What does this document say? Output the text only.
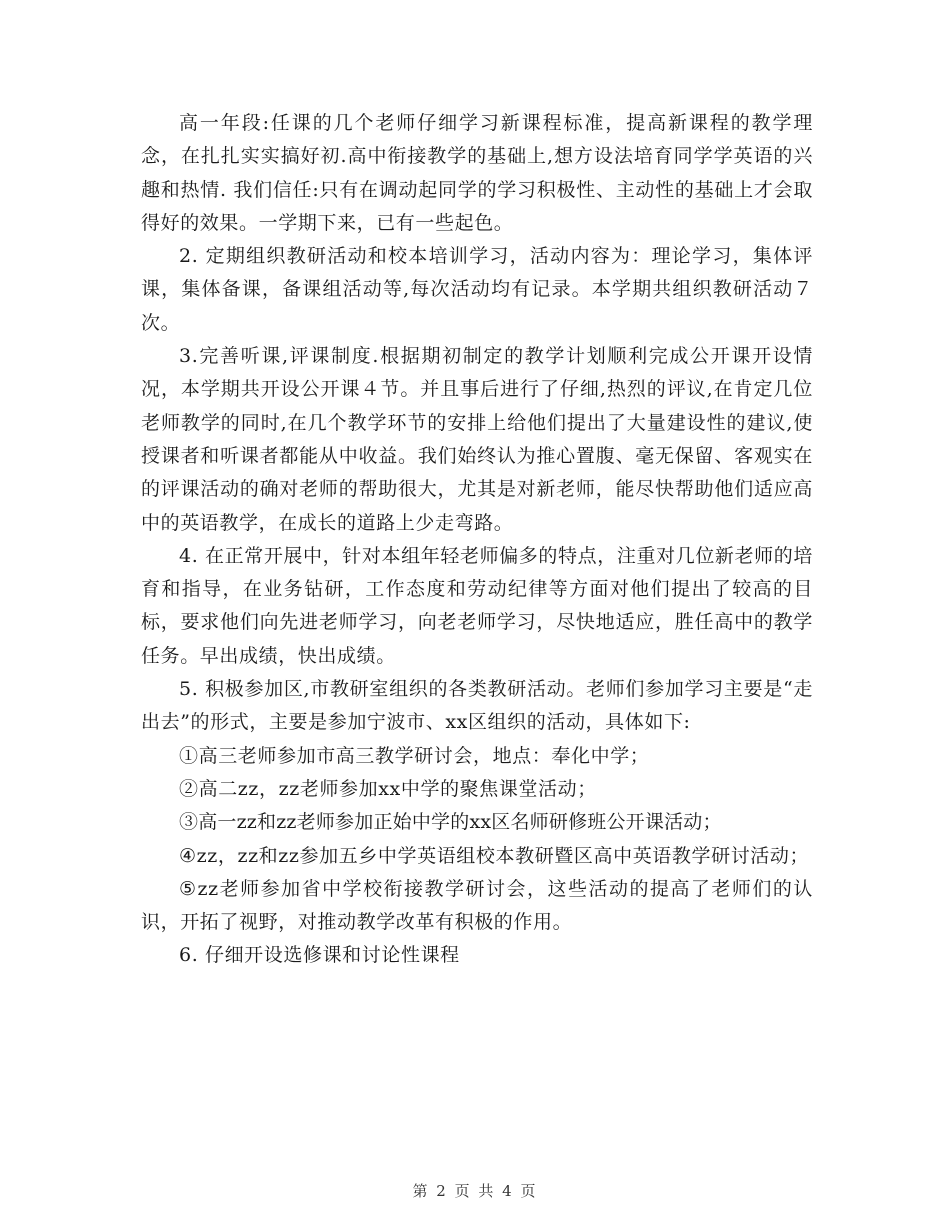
高一年段:任课的几个老师仔细学习新课程标准，提高新课程的教学理念，在扎扎实实搞好初.高中衔接教学的基础上,想方设法培育同学学英语的兴趣和热情. 我们信任:只有在调动起同学的学习积极性、主动性的基础上才会取得好的效果。一学期下来，已有一些起色。

2. 定期组织教研活动和校本培训学习，活动内容为：理论学习，集体评课，集体备课，备课组活动等,每次活动均有记录。本学期共组织教研活动７次。

3.完善听课,评课制度.根据期初制定的教学计划顺利完成公开课开设情况，本学期共开设公开课４节。并且事后进行了仔细,热烈的评议,在肯定几位老师教学的同时,在几个教学环节的安排上给他们提出了大量建设性的建议,使授课者和听课者都能从中收益。我们始终认为推心置腹、毫无保留、客观实在的评课活动的确对老师的帮助很大，尤其是对新老师，能尽快帮助他们适应高中的英语教学，在成长的道路上少走弯路。

4. 在正常开展中，针对本组年轻老师偏多的特点，注重对几位新老师的培育和指导，在业务钻研，工作态度和劳动纪律等方面对他们提出了较高的目标，要求他们向先进老师学习，向老老师学习，尽快地适应，胜任高中的教学任务。早出成绩，快出成绩。

5. 积极参加区,市教研室组织的各类教研活动。老师们参加学习主要是“走出去”的形式，主要是参加宁波市、xx区组织的活动，具体如下:

①高三老师参加市高三教学研讨会，地点：奉化中学；

②高二zz，zz老师参加xx中学的聚焦课堂活动；

③高一zz和zz老师参加正始中学的xx区名师研修班公开课活动；

④zz，zz和zz参加五乡中学英语组校本教研暨区高中英语教学研讨活动；

⑤zz老师参加省中学校衔接教学研讨会，这些活动的提高了老师们的认识，开拓了视野，对推动教学改革有积极的作用。

6. 仔细开设选修课和讨论性课程

第 2 页 共 4 页
